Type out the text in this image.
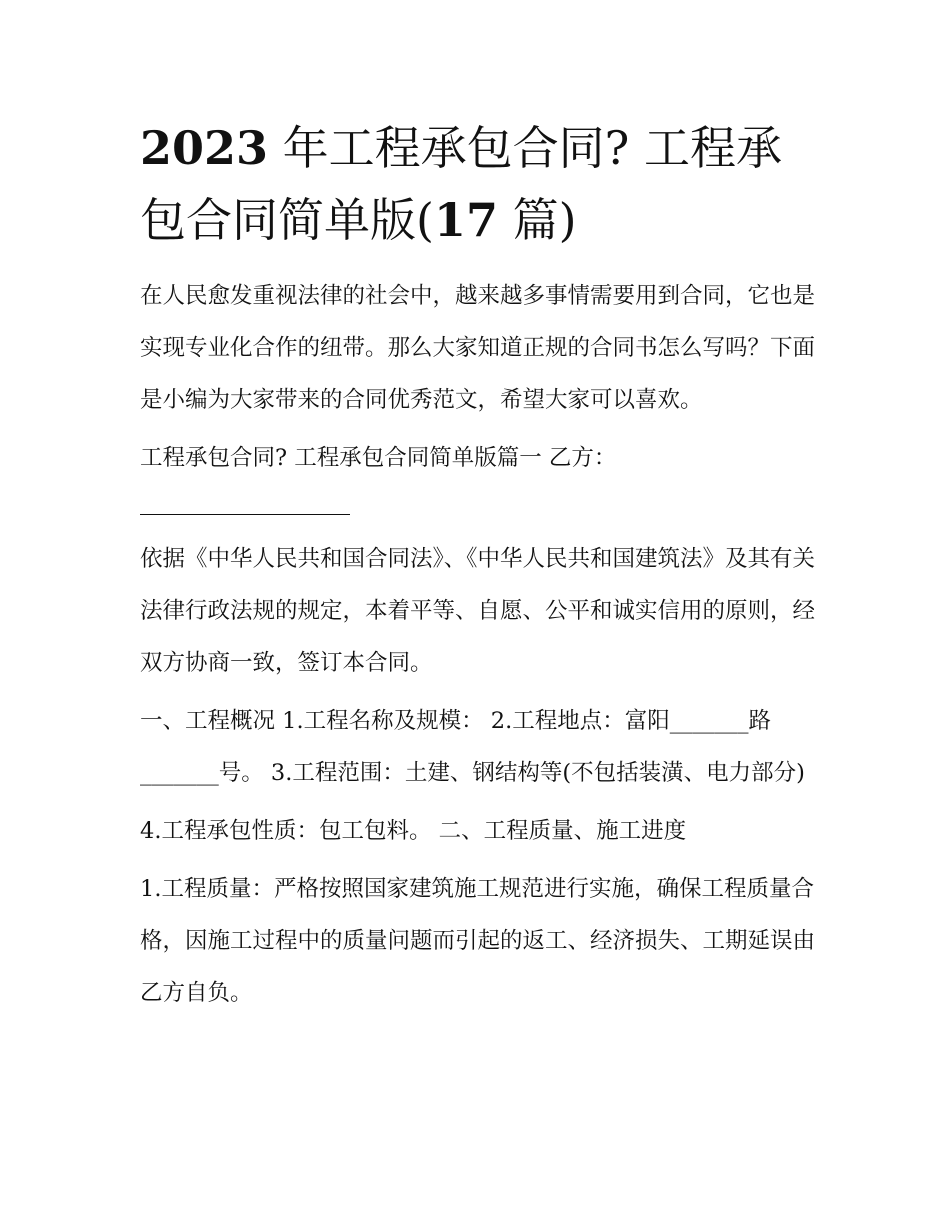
2023 年工程承包合同? 工程承包合同简单版(17 篇)

在人民愈发重视法律的社会中，越来越多事情需要用到合同，它也是实现专业化合作的纽带。那么大家知道正规的合同书怎么写吗？下面是小编为大家带来的合同优秀范文，希望大家可以喜欢。

工程承包合同? 工程承包合同简单版篇一 乙方：

依据《中华人民共和国合同法》、《中华人民共和国建筑法》及其有关法律行政法规的规定，本着平等、自愿、公平和诚实信用的原则，经双方协商一致，签订本合同。

一、工程概况 1.工程名称及规模： 2.工程地点：富阳_______路_______号。 3.工程范围：土建、钢结构等(不包括装潢、电力部分)

4.工程承包性质：包工包料。 二、工程质量、施工进度

1.工程质量：严格按照国家建筑施工规范进行实施，确保工程质量合格，因施工过程中的质量问题而引起的返工、经济损失、工期延误由乙方自负。
